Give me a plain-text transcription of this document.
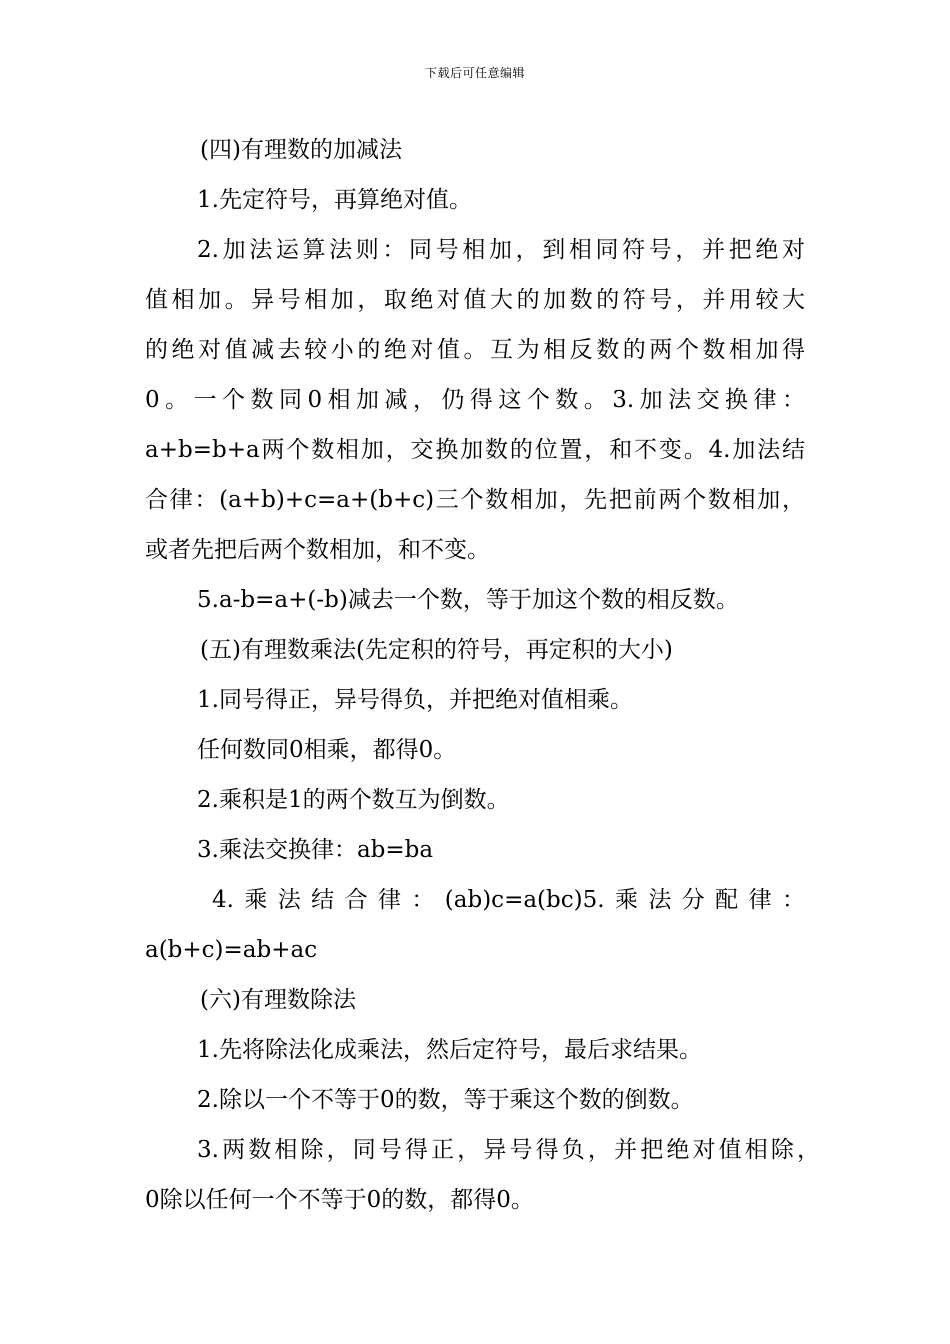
下载后可任意编辑
(四)有理数的加减法
1.先定符号，再算绝对值。
2.加法运算法则：同号相加，到相同符号，并把绝对
值相加。异号相加，取绝对值大的加数的符号，并用较大
的绝对值减去较小的绝对值。互为相反数的两个数相加得
0。一个数同0相加减，仍得这个数。3.加法交换律：
a+b=b+a两个数相加，交换加数的位置，和不变。4.加法结
合律：(a+b)+c=a+(b+c)三个数相加，先把前两个数相加，
或者先把后两个数相加，和不变。
5.a-b=a+(-b)减去一个数，等于加这个数的相反数。
(五)有理数乘法(先定积的符号，再定积的大小)
1.同号得正，异号得负，并把绝对值相乘。
任何数同0相乘，都得0。
2.乘积是1的两个数互为倒数。
3.乘法交换律：ab=ba
4.乘法结合律：(ab)c=a(bc)5.乘法分配律：
a(b+c)=ab+ac
(六)有理数除法
1.先将除法化成乘法，然后定符号，最后求结果。
2.除以一个不等于0的数，等于乘这个数的倒数。
3.两数相除，同号得正，异号得负，并把绝对值相除，
0除以任何一个不等于0的数，都得0。
